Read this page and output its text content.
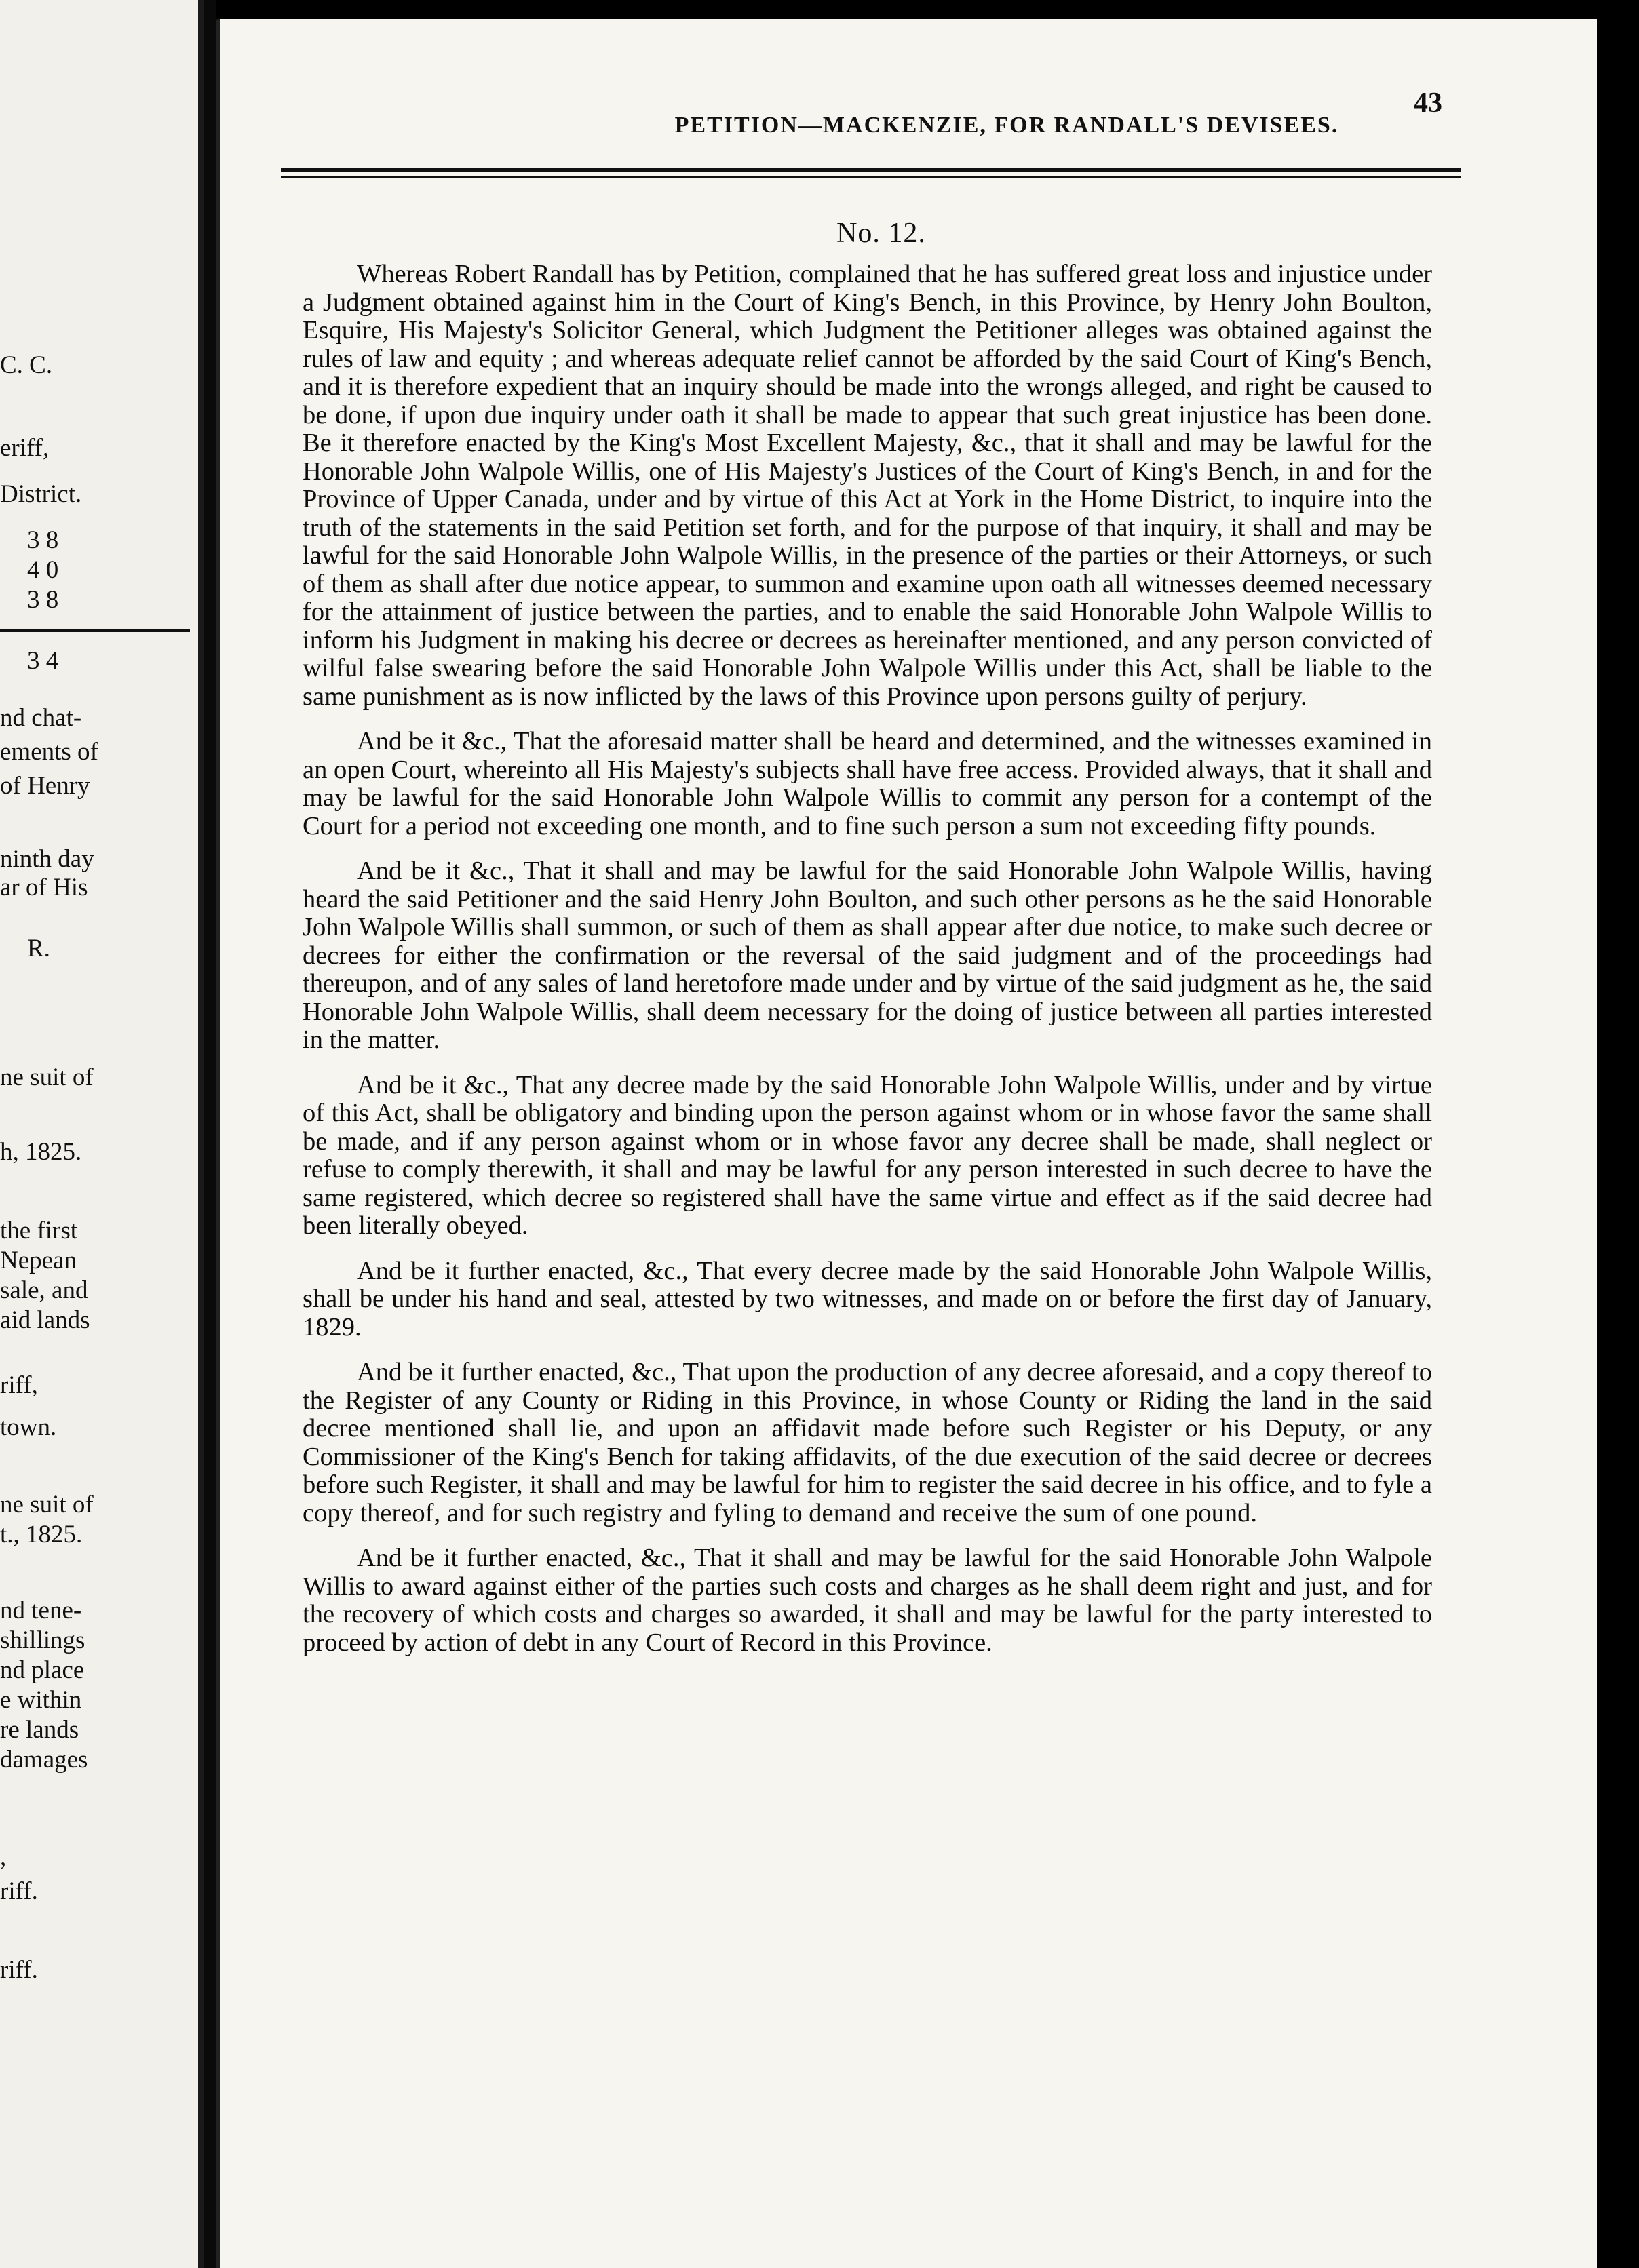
C. C.
eriff,
District.
3 8
4 0
3 8
3 4
nd chat-
ements of
of Henry
ninth day
ar of His
R.
ne suit of
h, 1825.
the first
Nepean
sale, and
aid lands
riff,
town.
ne suit of
t., 1825.
nd tene-
shillings
nd place
e within
re lands
damages
,
riff.
riff.
PETITION—MACKENZIE, FOR RANDALL'S DEVISEES.
43
No. 12.

Whereas Robert Randall has by Petition, complained that he has suffered great loss and injustice under a Judgment obtained against him in the Court of King's Bench, in this Province, by Henry John Boulton, Esquire, His Majesty's Solicitor General, which Judgment the Petitioner alleges was obtained against the rules of law and equity ; and whereas adequate relief cannot be afforded by the said Court of King's Bench, and it is therefore expedient that an inquiry should be made into the wrongs alleged, and right be caused to be done, if upon due inquiry under oath it shall be made to appear that such great injustice has been done. Be it therefore enacted by the King's Most Excellent Majesty, &c., that it shall and may be lawful for the Honorable John Walpole Willis, one of His Majesty's Justices of the Court of King's Bench, in and for the Province of Upper Canada, under and by virtue of this Act at York in the Home District, to inquire into the truth of the statements in the said Petition set forth, and for the purpose of that inquiry, it shall and may be lawful for the said Honorable John Walpole Willis, in the presence of the parties or their Attorneys, or such of them as shall after due notice appear, to summon and examine upon oath all witnesses deemed necessary for the attainment of justice between the parties, and to enable the said Honorable John Walpole Willis to inform his Judgment in making his decree or decrees as hereinafter mentioned, and any person convicted of wilful false swearing before the said Honorable John Walpole Willis under this Act, shall be liable to the same punishment as is now inflicted by the laws of this Province upon persons guilty of perjury.

And be it &c., That the aforesaid matter shall be heard and determined, and the witnesses examined in an open Court, whereinto all His Majesty's subjects shall have free access. Provided always, that it shall and may be lawful for the said Honorable John Walpole Willis to commit any person for a contempt of the Court for a period not exceeding one month, and to fine such person a sum not exceeding fifty pounds.

And be it &c., That it shall and may be lawful for the said Honorable John Walpole Willis, having heard the said Petitioner and the said Henry John Boulton, and such other persons as he the said Honorable John Walpole Willis shall summon, or such of them as shall appear after due notice, to make such decree or decrees for either the confirmation or the reversal of the said judgment and of the proceedings had thereupon, and of any sales of land heretofore made under and by virtue of the said judgment as he, the said Honorable John Walpole Willis, shall deem necessary for the doing of justice between all parties interested in the matter.

And be it &c., That any decree made by the said Honorable John Walpole Willis, under and by virtue of this Act, shall be obligatory and binding upon the person against whom or in whose favor the same shall be made, and if any person against whom or in whose favor any decree shall be made, shall neglect or refuse to comply therewith, it shall and may be lawful for any person interested in such decree to have the same registered, which decree so registered shall have the same virtue and effect as if the said decree had been literally obeyed.

And be it further enacted, &c., That every decree made by the said Honorable John Walpole Willis, shall be under his hand and seal, attested by two witnesses, and made on or before the first day of January, 1829.

And be it further enacted, &c., That upon the production of any decree aforesaid, and a copy thereof to the Register of any County or Riding in this Province, in whose County or Riding the land in the said decree mentioned shall lie, and upon an affidavit made before such Register or his Deputy, or any Commissioner of the King's Bench for taking affidavits, of the due execution of the said decree or decrees before such Register, it shall and may be lawful for him to register the said decree in his office, and to fyle a copy thereof, and for such registry and fyling to demand and receive the sum of one pound.

And be it further enacted, &c., That it shall and may be lawful for the said Honorable John Walpole Willis to award against either of the parties such costs and charges as he shall deem right and just, and for the recovery of which costs and charges so awarded, it shall and may be lawful for the party interested to proceed by action of debt in any Court of Record in this Province.
